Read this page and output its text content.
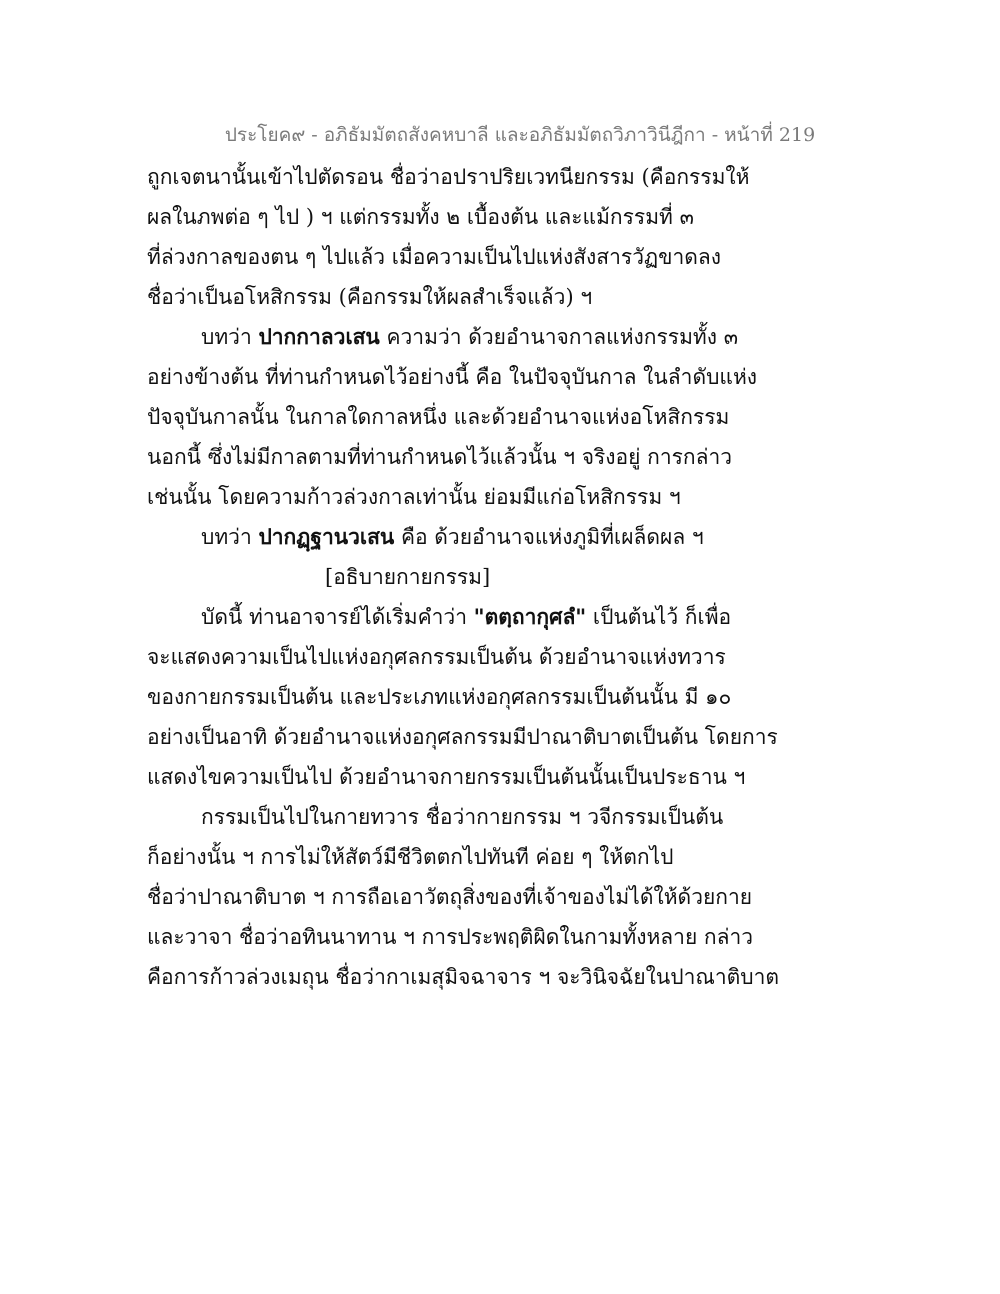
ประโยค๙ - อภิธัมมัตถสังคหบาลี และอภิธัมมัตถวิภาวินีฎีกา - หน้าที่ 219

ถูกเจตนานั้นเข้าไปตัดรอน ชื่อว่าอปราปริยเวทนียกรรม (คือกรรมให้

ผลในภพต่อ ๆ ไป ) ฯ แต่กรรมทั้ง ๒ เบื้องต้น และแม้กรรมที่ ๓

ที่ล่วงกาลของตน ๆ ไปแล้ว เมื่อความเป็นไปแห่งสังสารวัฏขาดลง

ชื่อว่าเป็นอโหสิกรรม (คือกรรมให้ผลสำเร็จแล้ว) ฯ

บทว่า ปากกาลวเสน ความว่า ด้วยอำนาจกาลแห่งกรรมทั้ง ๓

อย่างข้างต้น ที่ท่านกำหนดไว้อย่างนี้ คือ ในปัจจุบันกาล ในลำดับแห่ง

ปัจจุบันกาลนั้น ในกาลใดกาลหนึ่ง และด้วยอำนาจแห่งอโหสิกรรม

นอกนี้ ซึ่งไม่มีกาลตามที่ท่านกำหนดไว้แล้วนั้น ฯ จริงอยู่ การกล่าว

เช่นนั้น โดยความก้าวล่วงกาลเท่านั้น ย่อมมีแก่อโหสิกรรม ฯ

บทว่า ปากฏฺฐานวเสน คือ ด้วยอำนาจแห่งภูมิที่เผล็ดผล ฯ

[อธิบายกายกรรม]

บัดนี้ ท่านอาจารย์ได้เริ่มคำว่า "ตตฺถากุศลํ" เป็นต้นไว้ ก็เพื่อ

จะแสดงความเป็นไปแห่งอกุศลกรรมเป็นต้น ด้วยอำนาจแห่งทวาร

ของกายกรรมเป็นต้น และประเภทแห่งอกุศลกรรมเป็นต้นนั้น มี ๑๐

อย่างเป็นอาทิ ด้วยอำนาจแห่งอกุศลกรรมมีปาณาติบาตเป็นต้น โดยการ

แสดงไขความเป็นไป ด้วยอำนาจกายกรรมเป็นต้นนั้นเป็นประธาน ฯ

กรรมเป็นไปในกายทวาร ชื่อว่ากายกรรม ฯ วจีกรรมเป็นต้น

ก็อย่างนั้น ฯ การไม่ให้สัตว์มีชีวิตตกไปทันที ค่อย ๆ ให้ตกไป

ชื่อว่าปาณาติบาต ฯ การถือเอาวัตถุสิ่งของที่เจ้าของไม่ได้ให้ด้วยกาย

และวาจา ชื่อว่าอทินนาทาน ฯ การประพฤติผิดในกามทั้งหลาย กล่าว

คือการก้าวล่วงเมถุน ชื่อว่ากาเมสุมิจฉาจาร ฯ จะวินิจฉัยในปาณาติบาต
